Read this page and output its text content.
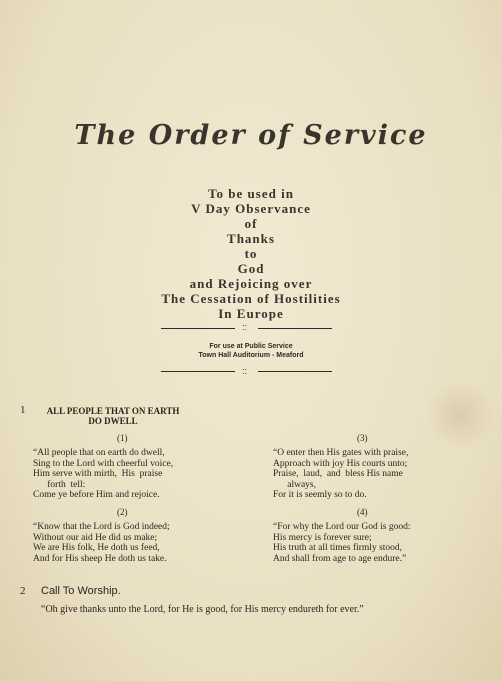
The Order of Service
To be used in
V Day Observance
of
Thanks
to
God
and Rejoicing over
The Cessation of Hostilities
In Europe
::
For use at Public Service
Town Hall Auditorium - Meaford
::
1	ALL PEOPLE THAT ON EARTH
DO DWELL
(1)
“All people that on earth do dwell,
Sing to the Lord with cheerful voice,
Him serve with mirth,  His  praise
forth  tell:
Come ye before Him and rejoice.
(2)
“Know that the Lord is God indeed;
Without our aid He did us make;
We are His folk, He doth us feed,
And for His sheep He doth us take.
(3)
“O enter then His gates with praise,
Approach with joy His courts unto;
Praise,  laud,  and  bless His name
always,
For it is seemly so to do.
(4)
“For why the Lord our God is good:
His mercy is forever sure;
His truth at all times firmly stood,
And shall from age to age endure.”
2 Call To Worship.
“Oh give thanks unto the Lord, for He is good, for His mercy endureth for ever.”
